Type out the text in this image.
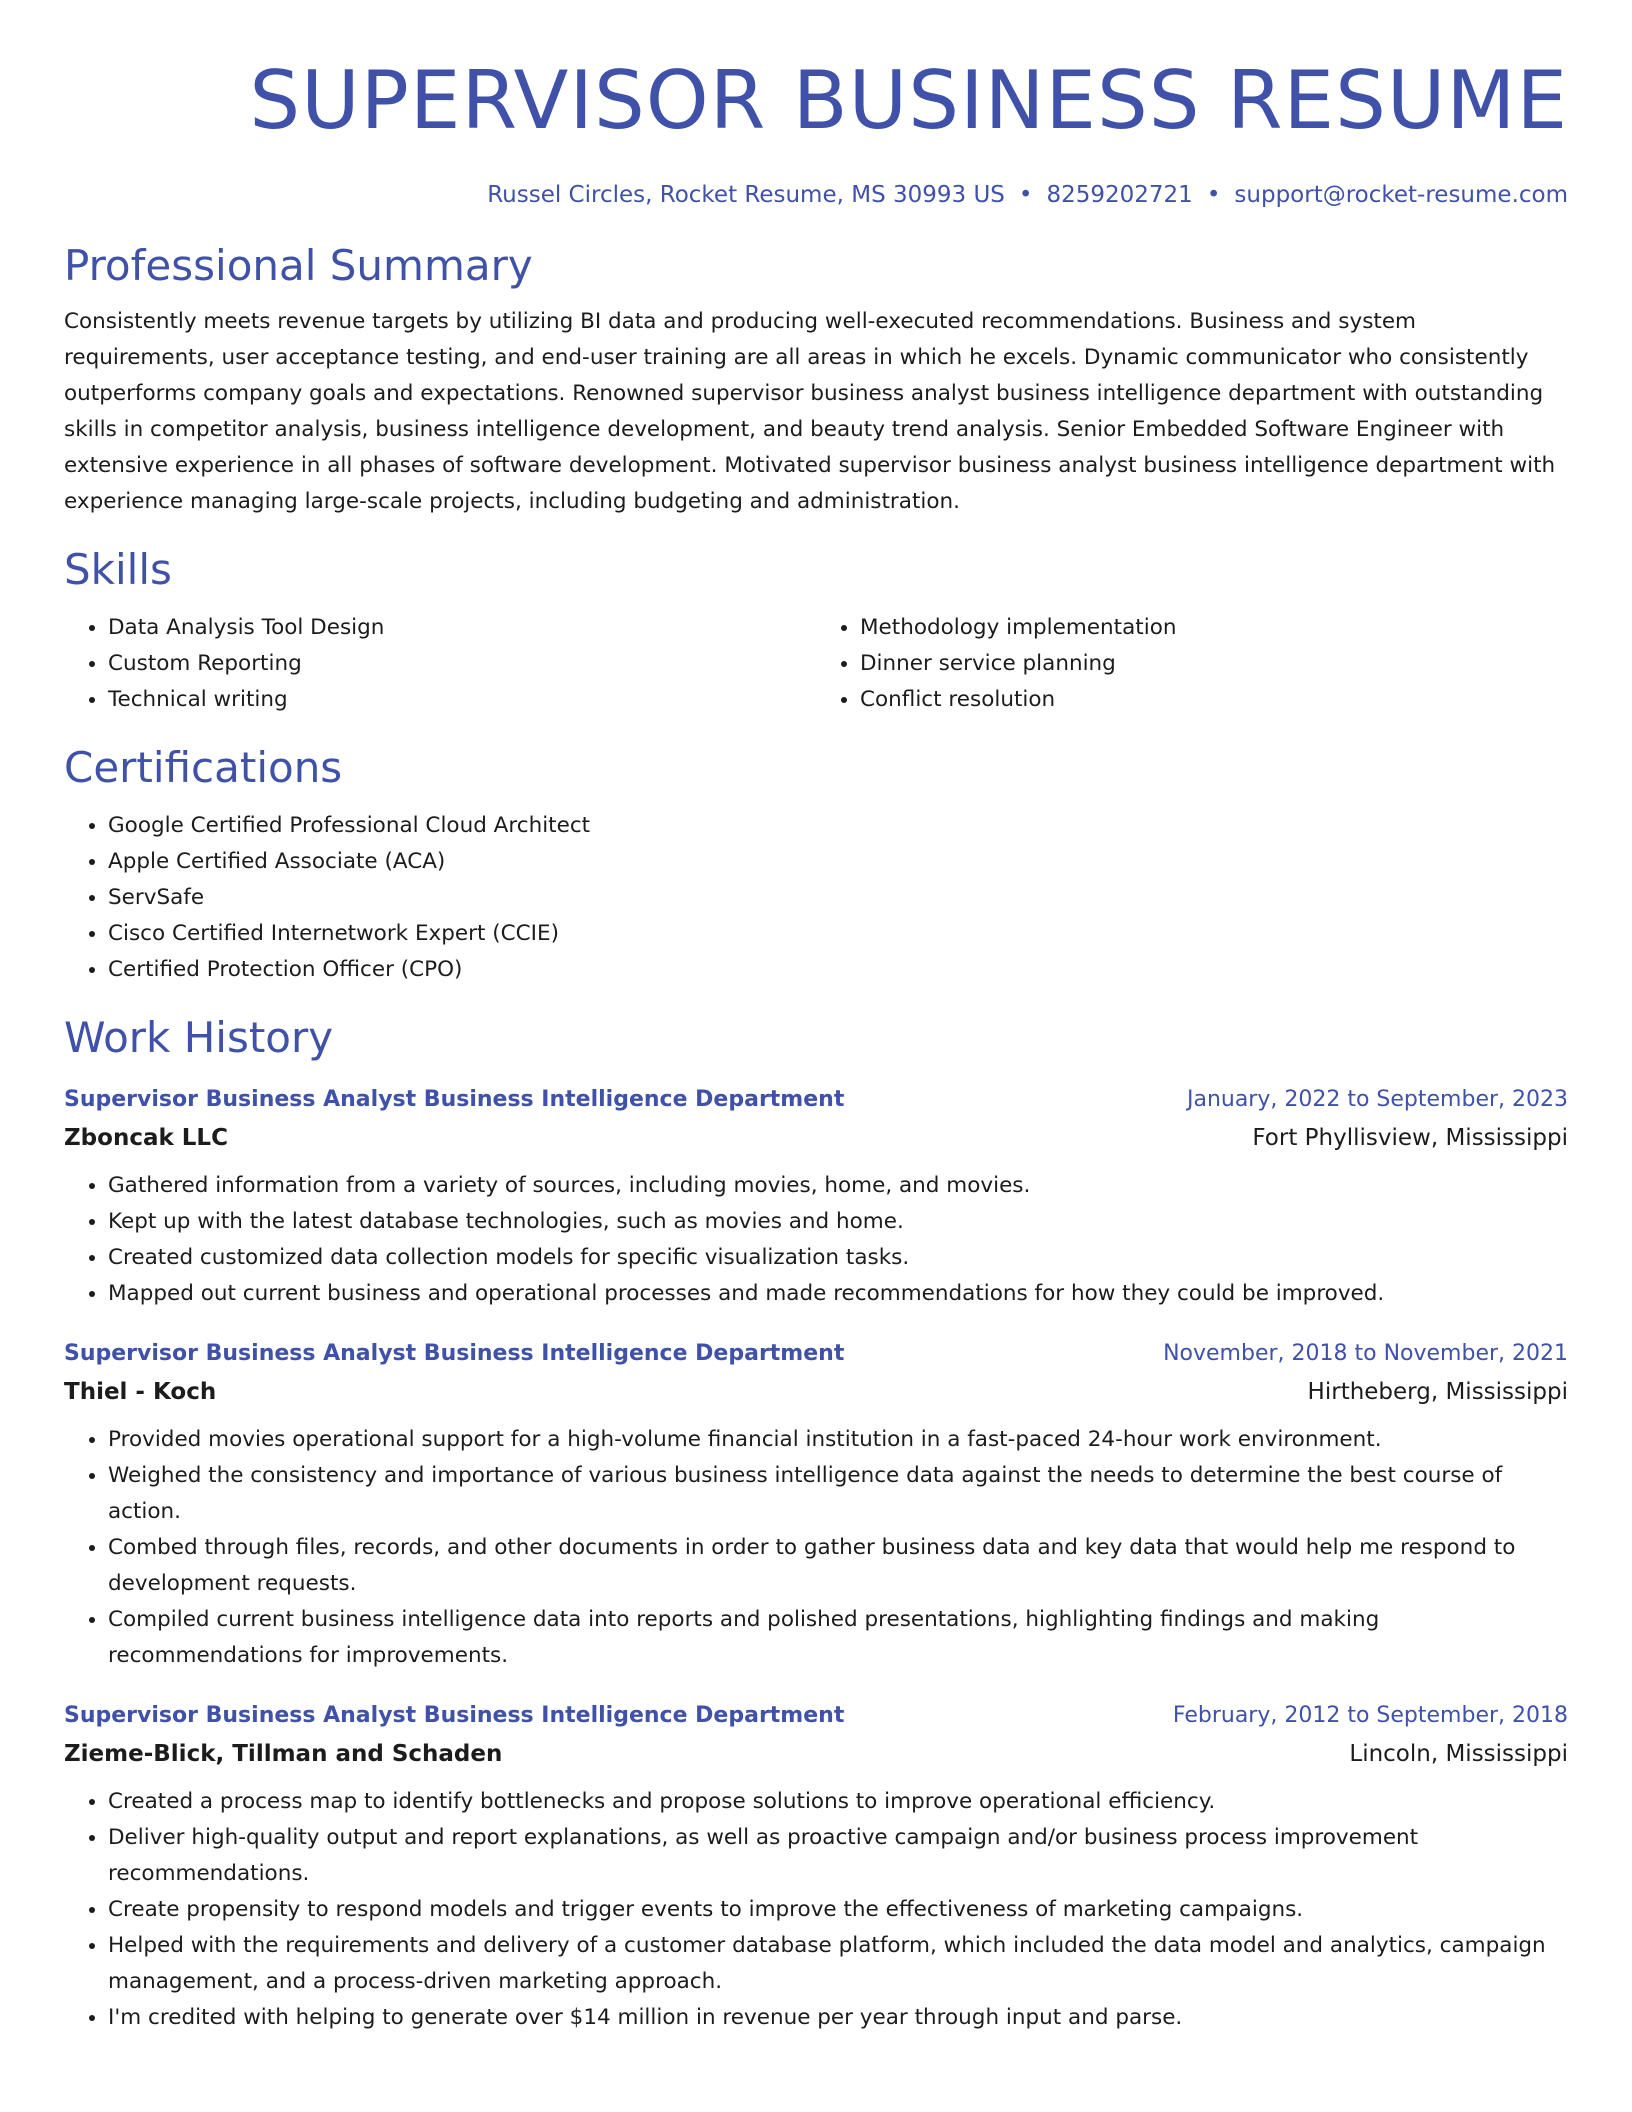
SUPERVISOR BUSINESS RESUME
Russel Circles, Rocket Resume, MS 30993 US • 8259202721 • support@rocket-resume.com
Professional Summary
Consistently meets revenue targets by utilizing BI data and producing well-executed recommendations. Business and system requirements, user acceptance testing, and end-user training are all areas in which he excels. Dynamic communicator who consistently outperforms company goals and expectations. Renowned supervisor business analyst business intelligence department with outstanding skills in competitor analysis, business intelligence development, and beauty trend analysis. Senior Embedded Software Engineer with extensive experience in all phases of software development. Motivated supervisor business analyst business intelligence department with experience managing large-scale projects, including budgeting and administration.
Skills
• Data Analysis Tool Design
• Custom Reporting
• Technical writing
• Methodology implementation
• Dinner service planning
• Conflict resolution
Certifications
• Google Certified Professional Cloud Architect
• Apple Certified Associate (ACA)
• ServSafe
• Cisco Certified Internetwork Expert (CCIE)
• Certified Protection Officer (CPO)
Work History
Supervisor Business Analyst Business Intelligence Department	January, 2022 to September, 2023
Zboncak LLC	Fort Phyllisview, Mississippi
• Gathered information from a variety of sources, including movies, home, and movies.
• Kept up with the latest database technologies, such as movies and home.
• Created customized data collection models for specific visualization tasks.
• Mapped out current business and operational processes and made recommendations for how they could be improved.
Supervisor Business Analyst Business Intelligence Department	November, 2018 to November, 2021
Thiel - Koch	Hirtheberg, Mississippi
• Provided movies operational support for a high-volume financial institution in a fast-paced 24-hour work environment.
• Weighed the consistency and importance of various business intelligence data against the needs to determine the best course of action.
• Combed through files, records, and other documents in order to gather business data and key data that would help me respond to development requests.
• Compiled current business intelligence data into reports and polished presentations, highlighting findings and making recommendations for improvements.
Supervisor Business Analyst Business Intelligence Department	February, 2012 to September, 2018
Zieme-Blick, Tillman and Schaden	Lincoln, Mississippi
• Created a process map to identify bottlenecks and propose solutions to improve operational efficiency.
• Deliver high-quality output and report explanations, as well as proactive campaign and/or business process improvement recommendations.
• Create propensity to respond models and trigger events to improve the effectiveness of marketing campaigns.
• Helped with the requirements and delivery of a customer database platform, which included the data model and analytics, campaign management, and a process-driven marketing approach.
• I'm credited with helping to generate over $14 million in revenue per year through input and parse.
